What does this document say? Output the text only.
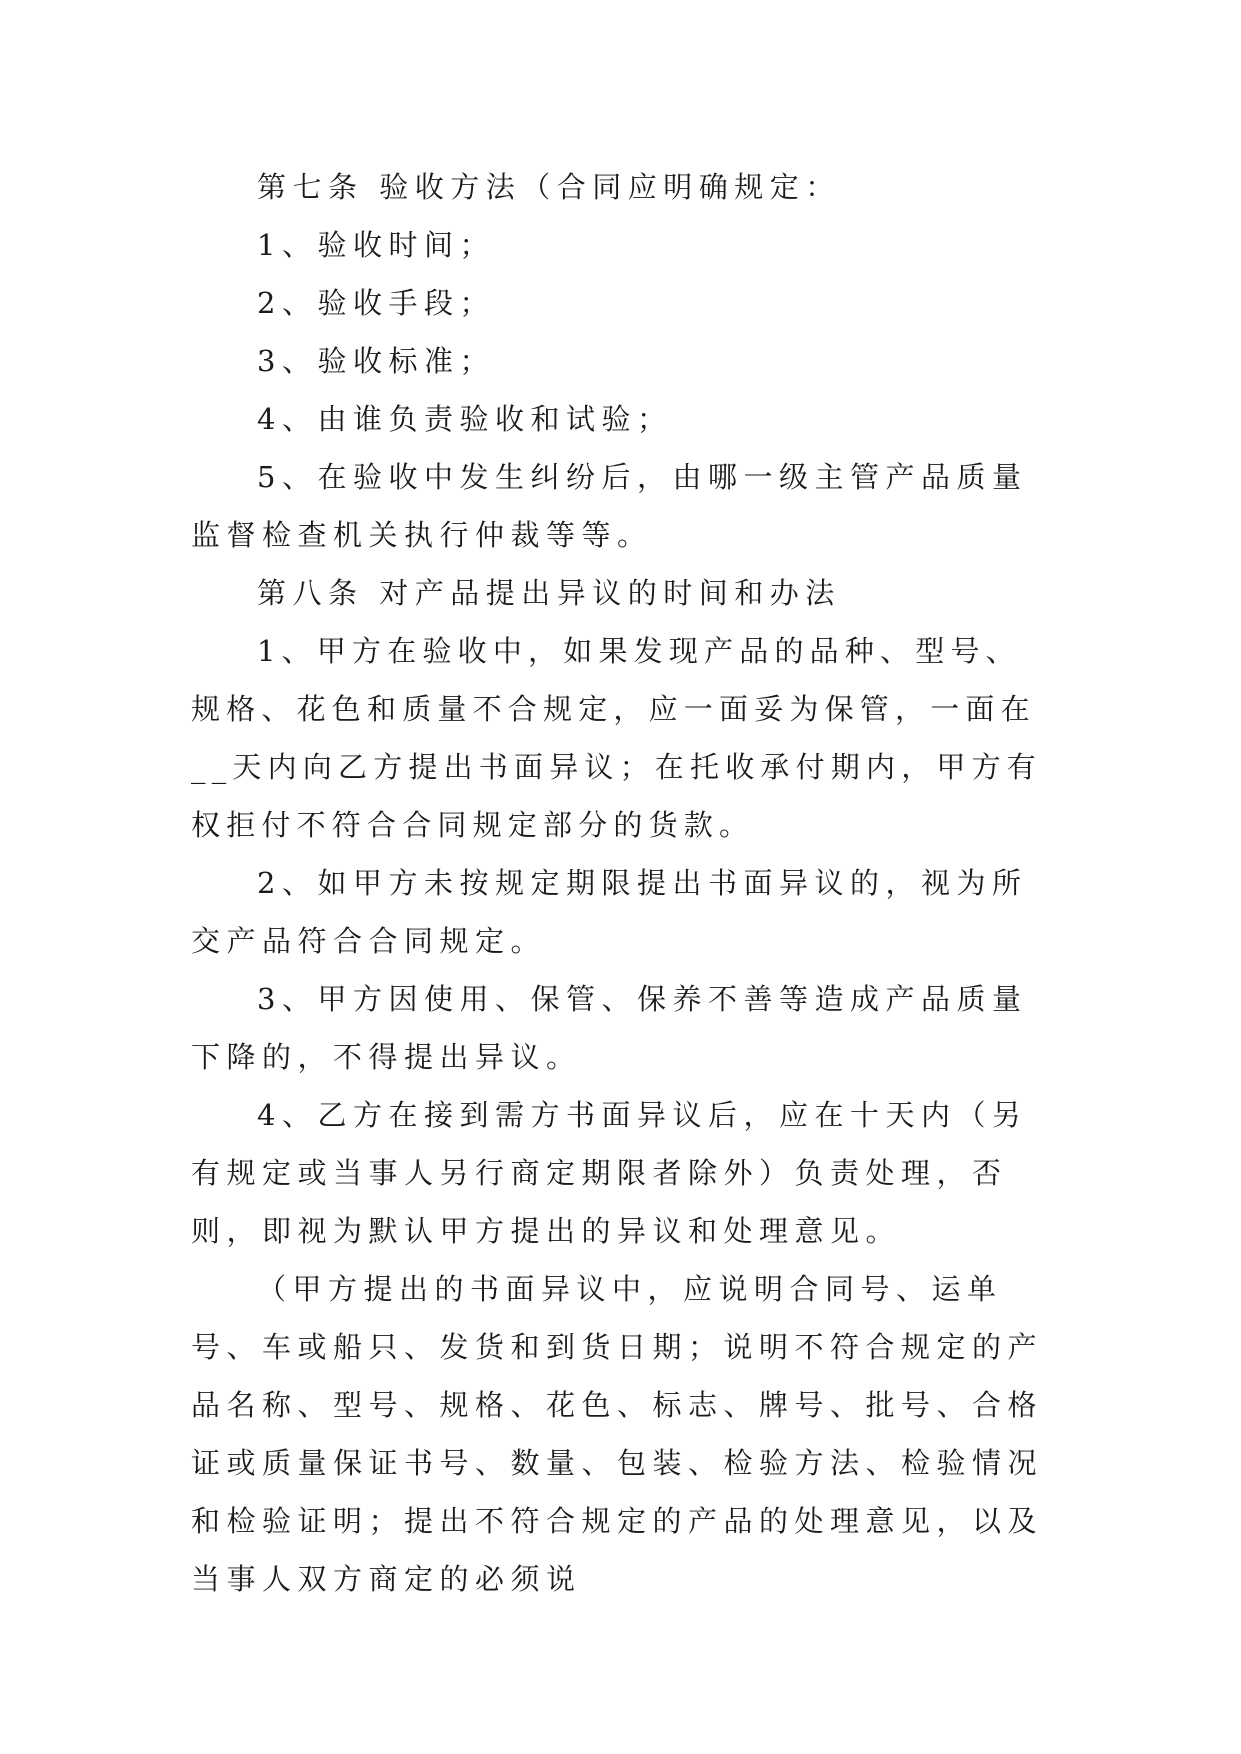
第七条 验收方法（合同应明确规定：

1、验收时间；

2、验收手段；

3、验收标准；

4、由谁负责验收和试验；

5、在验收中发生纠纷后，由哪一级主管产品质量监督检查机关执行仲裁等等。

第八条 对产品提出异议的时间和办法

1、甲方在验收中，如果发现产品的品种、型号、规格、花色和质量不合规定，应一面妥为保管，一面在__天内向乙方提出书面异议；在托收承付期内，甲方有权拒付不符合合同规定部分的货款。

2、如甲方未按规定期限提出书面异议的，视为所交产品符合合同规定。

3、甲方因使用、保管、保养不善等造成产品质量下降的，不得提出异议。

4、乙方在接到需方书面异议后，应在十天内（另有规定或当事人另行商定期限者除外）负责处理，否则，即视为默认甲方提出的异议和处理意见。

（甲方提出的书面异议中，应说明合同号、运单号、车或船只、发货和到货日期；说明不符合规定的产品名称、型号、规格、花色、标志、牌号、批号、合格证或质量保证书号、数量、包装、检验方法、检验情况和检验证明；提出不符合规定的产品的处理意见，以及当事人双方商定的必须说
